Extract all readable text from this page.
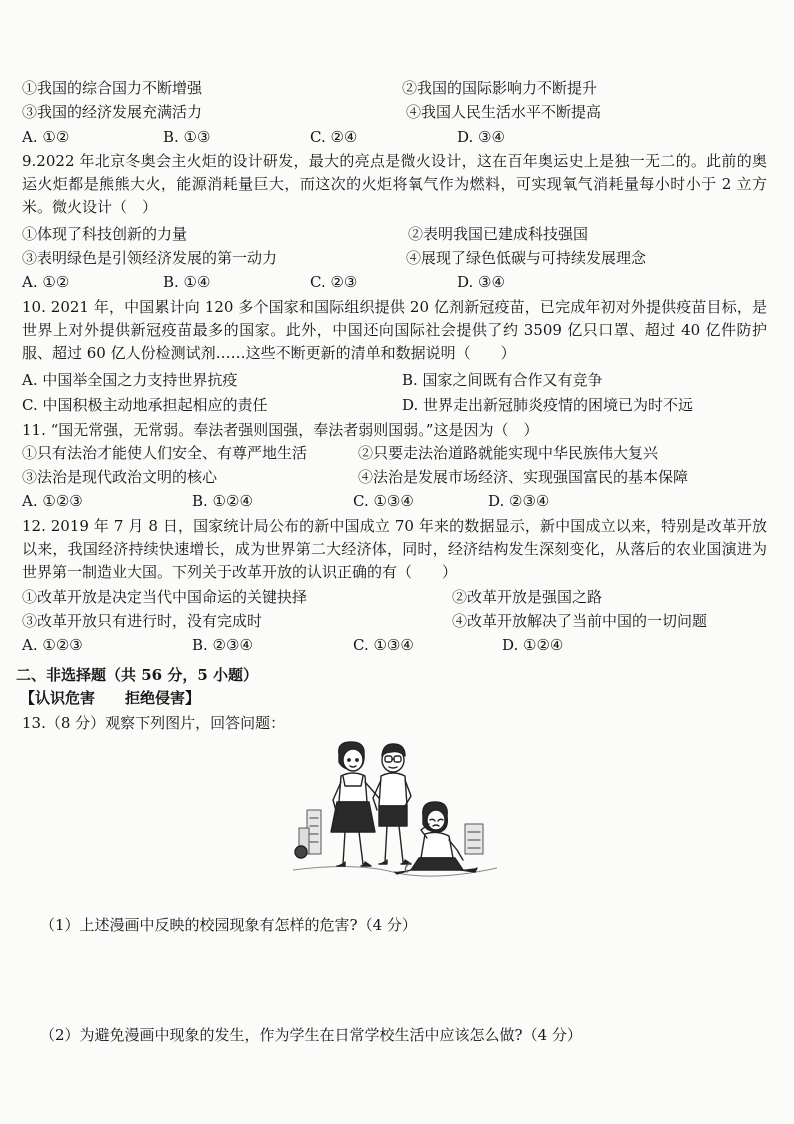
①我国的综合国力不断增强	②我国的国际影响力不断提升
③我国的经济发展充满活力	④我国人民生活水平不断提高
A. ①②	B. ①③	C. ②④	D. ③④
9.2022 年北京冬奥会主火炬的设计研发，最大的亮点是微火设计，这在百年奥运史上是独一无二的。此前的奥运火炬都是熊熊大火，能源消耗量巨大，而这次的火炬将氧气作为燃料，可实现氧气消耗量每小时小于 2 立方米。微火设计（　）
①体现了科技创新的力量	②表明我国已建成科技强国
③表明绿色是引领经济发展的第一动力	④展现了绿色低碳与可持续发展理念
A. ①②	B. ①④	C. ②③	D. ③④
10. 2021 年，中国累计向 120 多个国家和国际组织提供 20 亿剂新冠疫苗，已完成年初对外提供疫苗目标，是世界上对外提供新冠疫苗最多的国家。此外，中国还向国际社会提供了约 3509 亿只口罩、超过 40 亿件防护服、超过 60 亿人份检测试剂……这些不断更新的清单和数据说明（　　）
A. 中国举全国之力支持世界抗疫	B. 国家之间既有合作又有竞争
C. 中国积极主动地承担起相应的责任	D. 世界走出新冠肺炎疫情的困境已为时不远
11. “国无常强，无常弱。奉法者强则国强，奉法者弱则国弱。”这是因为（　）
①只有法治才能使人们安全、有尊严地生活	②只要走法治道路就能实现中华民族伟大复兴
③法治是现代政治文明的核心	④法治是发展市场经济、实现强国富民的基本保障
A. ①②③	B. ①②④	C. ①③④	D. ②③④
12. 2019 年 7 月 8 日，国家统计局公布的新中国成立 70 年来的数据显示，新中国成立以来，特别是改革开放以来，我国经济持续快速增长，成为世界第二大经济体，同时，经济结构发生深刻变化，从落后的农业国演进为世界第一制造业大国。下列关于改革开放的认识正确的有（　　）
①改革开放是决定当代中国命运的关键抉择	②改革开放是强国之路
③改革开放只有进行时，没有完成时	④改革开放解决了当前中国的一切问题
A. ①②③	B. ②③④	C. ①③④	D. ①②④
二、非选择题（共 56 分，5 小题）
【认识危害　　拒绝侵害】
13.（8 分）观察下列图片，回答问题：
（1）上述漫画中反映的校园现象有怎样的危害?（4 分）
（2）为避免漫画中现象的发生，作为学生在日常学校生活中应该怎么做?（4 分）
